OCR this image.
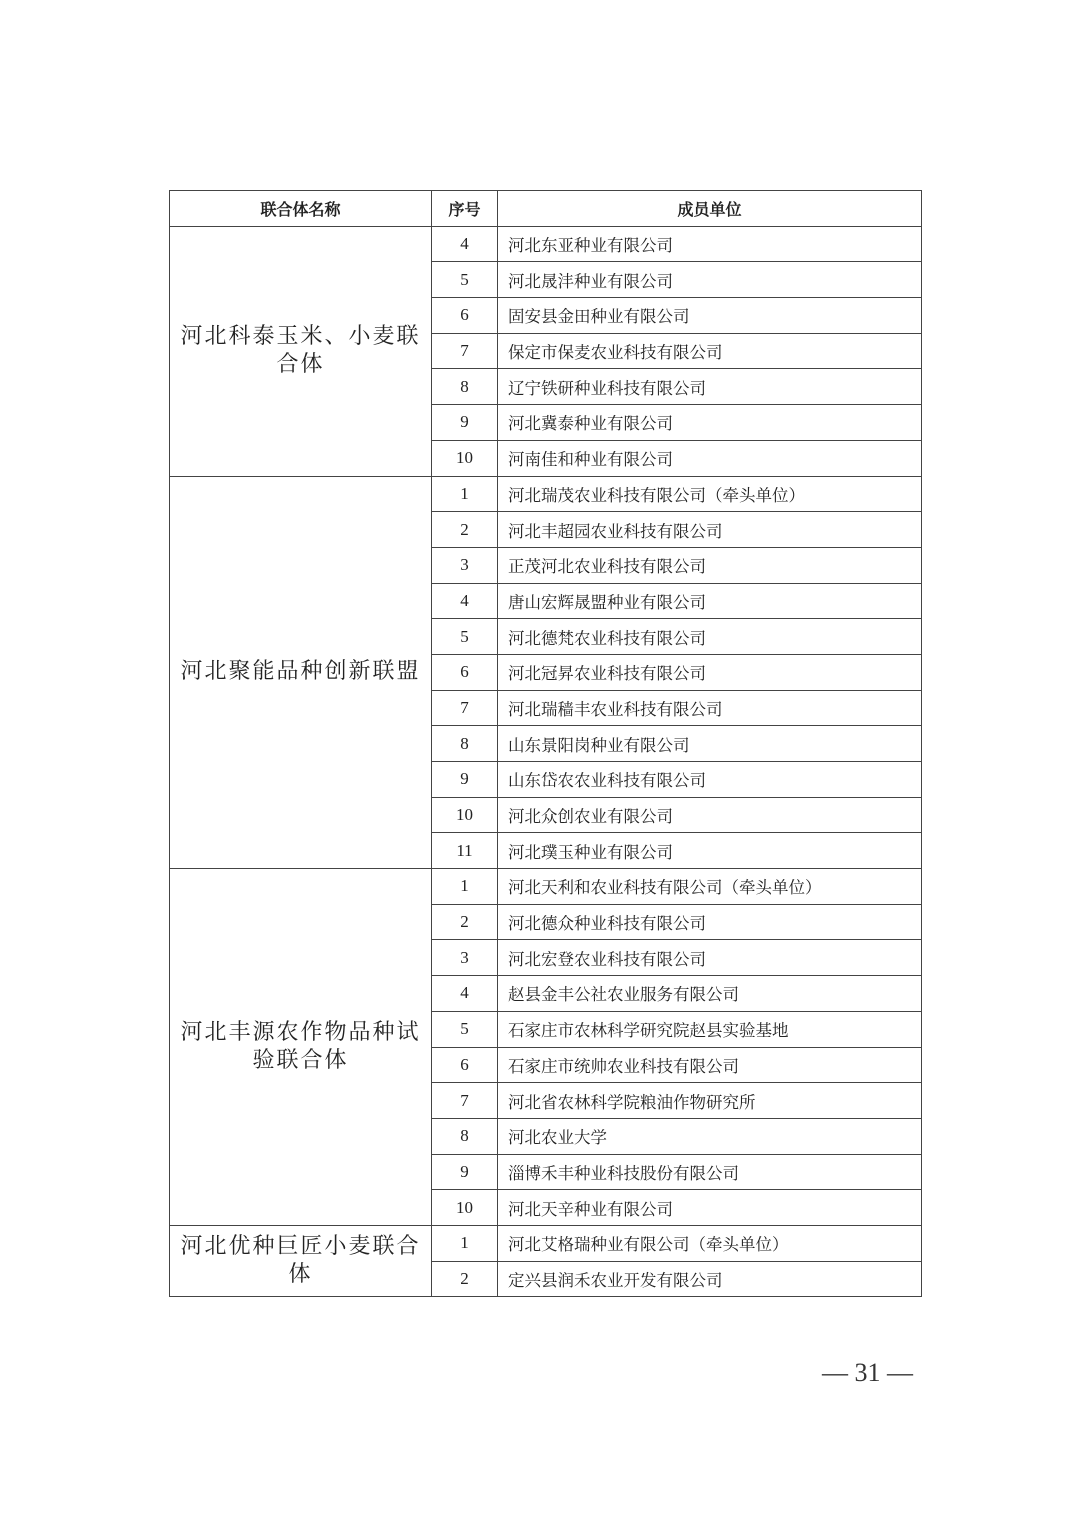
联合体名称	序号	成员单位
河北科泰玉米、小麦联合体	4	河北东亚种业有限公司
	5	河北晟沣种业有限公司
	6	固安县金田种业有限公司
	7	保定市保麦农业科技有限公司
	8	辽宁铁研种业科技有限公司
	9	河北冀泰种业有限公司
	10	河南佳和种业有限公司
河北聚能品种创新联盟	1	河北瑞茂农业科技有限公司（牵头单位）
	2	河北丰超园农业科技有限公司
	3	正茂河北农业科技有限公司
	4	唐山宏辉晟盟种业有限公司
	5	河北德梵农业科技有限公司
	6	河北冠昇农业科技有限公司
	7	河北瑞穑丰农业科技有限公司
	8	山东景阳岗种业有限公司
	9	山东岱农农业科技有限公司
	10	河北众创农业有限公司
	11	河北璞玉种业有限公司
河北丰源农作物品种试验联合体	1	河北天利和农业科技有限公司（牵头单位）
	2	河北德众种业科技有限公司
	3	河北宏登农业科技有限公司
	4	赵县金丰公社农业服务有限公司
	5	石家庄市农林科学研究院赵县实验基地
	6	石家庄市统帅农业科技有限公司
	7	河北省农林科学院粮油作物研究所
	8	河北农业大学
	9	淄博禾丰种业科技股份有限公司
	10	河北天辛种业有限公司
河北优种巨匠小麦联合体	1	河北艾格瑞种业有限公司（牵头单位）
	2	定兴县润禾农业开发有限公司
— 31 —
